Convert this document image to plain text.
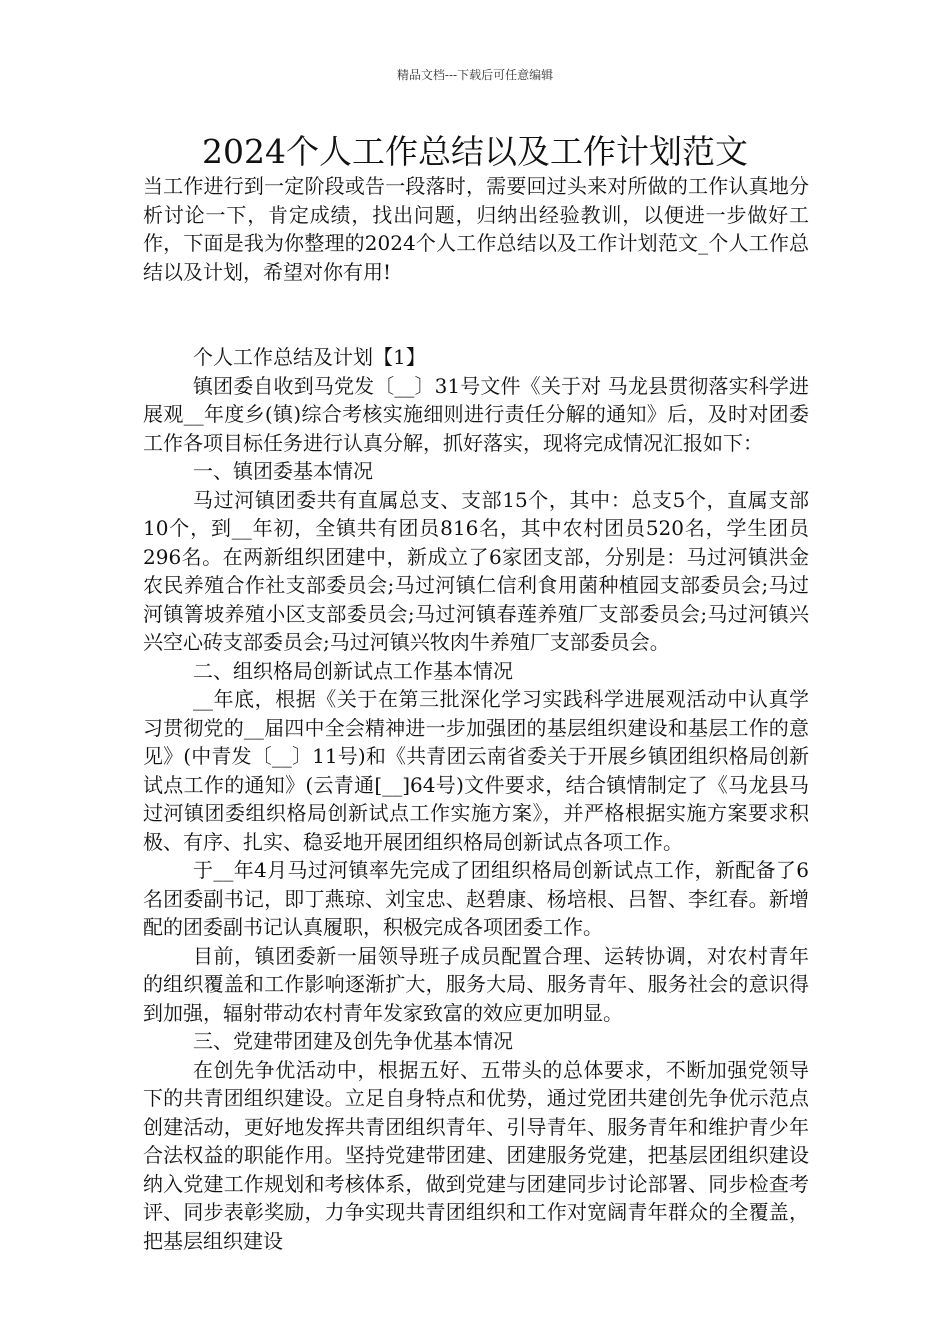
精品文档---下载后可任意编辑
2024个人工作总结以及工作计划范文

当工作进行到一定阶段或告一段落时，需要回过头来对所做的工作认真地分析讨论一下，肯定成绩，找出问题，归纳出经验教训，以便进一步做好工作，下面是我为你整理的2024个人工作总结以及工作计划范文_个人工作总结以及计划，希望对你有用!

个人工作总结及计划【1】

镇团委自收到马党发〔__〕31号文件《关于对 马龙县贯彻落实科学进展观__年度乡(镇)综合考核实施细则进行责任分解的通知》后，及时对团委工作各项目标任务进行认真分解，抓好落实，现将完成情况汇报如下：

一、镇团委基本情况

马过河镇团委共有直属总支、支部15个，其中：总支5个，直属支部10个，到__年初，全镇共有团员816名，其中农村团员520名，学生团员296名。在两新组织团建中，新成立了6家团支部，分别是：马过河镇洪金农民养殖合作社支部委员会;马过河镇仁信利食用菌种植园支部委员会;马过河镇箐坡养殖小区支部委员会;马过河镇春莲养殖厂支部委员会;马过河镇兴兴空心砖支部委员会;马过河镇兴牧肉牛养殖厂支部委员会。

二、组织格局创新试点工作基本情况

__年底，根据《关于在第三批深化学习实践科学进展观活动中认真学习贯彻党的__届四中全会精神进一步加强团的基层组织建设和基层工作的意见》(中青发〔__〕11号)和《共青团云南省委关于开展乡镇团组织格局创新试点工作的通知》(云青通[__]64号)文件要求，结合镇情制定了《马龙县马过河镇团委组织格局创新试点工作实施方案》，并严格根据实施方案要求积极、有序、扎实、稳妥地开展团组织格局创新试点各项工作。

于__年4月马过河镇率先完成了团组织格局创新试点工作，新配备了6名团委副书记，即丁燕琼、刘宝忠、赵碧康、杨培根、吕智、李红春。新增配的团委副书记认真履职，积极完成各项团委工作。

目前，镇团委新一届领导班子成员配置合理、运转协调，对农村青年的组织覆盖和工作影响逐渐扩大，服务大局、服务青年、服务社会的意识得到加强，辐射带动农村青年发家致富的效应更加明显。

三、党建带团建及创先争优基本情况

在创先争优活动中，根据五好、五带头的总体要求，不断加强党领导下的共青团组织建设。立足自身特点和优势，通过党团共建创先争优示范点创建活动，更好地发挥共青团组织青年、引导青年、服务青年和维护青少年合法权益的职能作用。坚持党建带团建、团建服务党建，把基层团组织建设纳入党建工作规划和考核体系，做到党建与团建同步讨论部署、同步检查考评、同步表彰奖励，力争实现共青团组织和工作对宽阔青年群众的全覆盖，把基层组织建设
